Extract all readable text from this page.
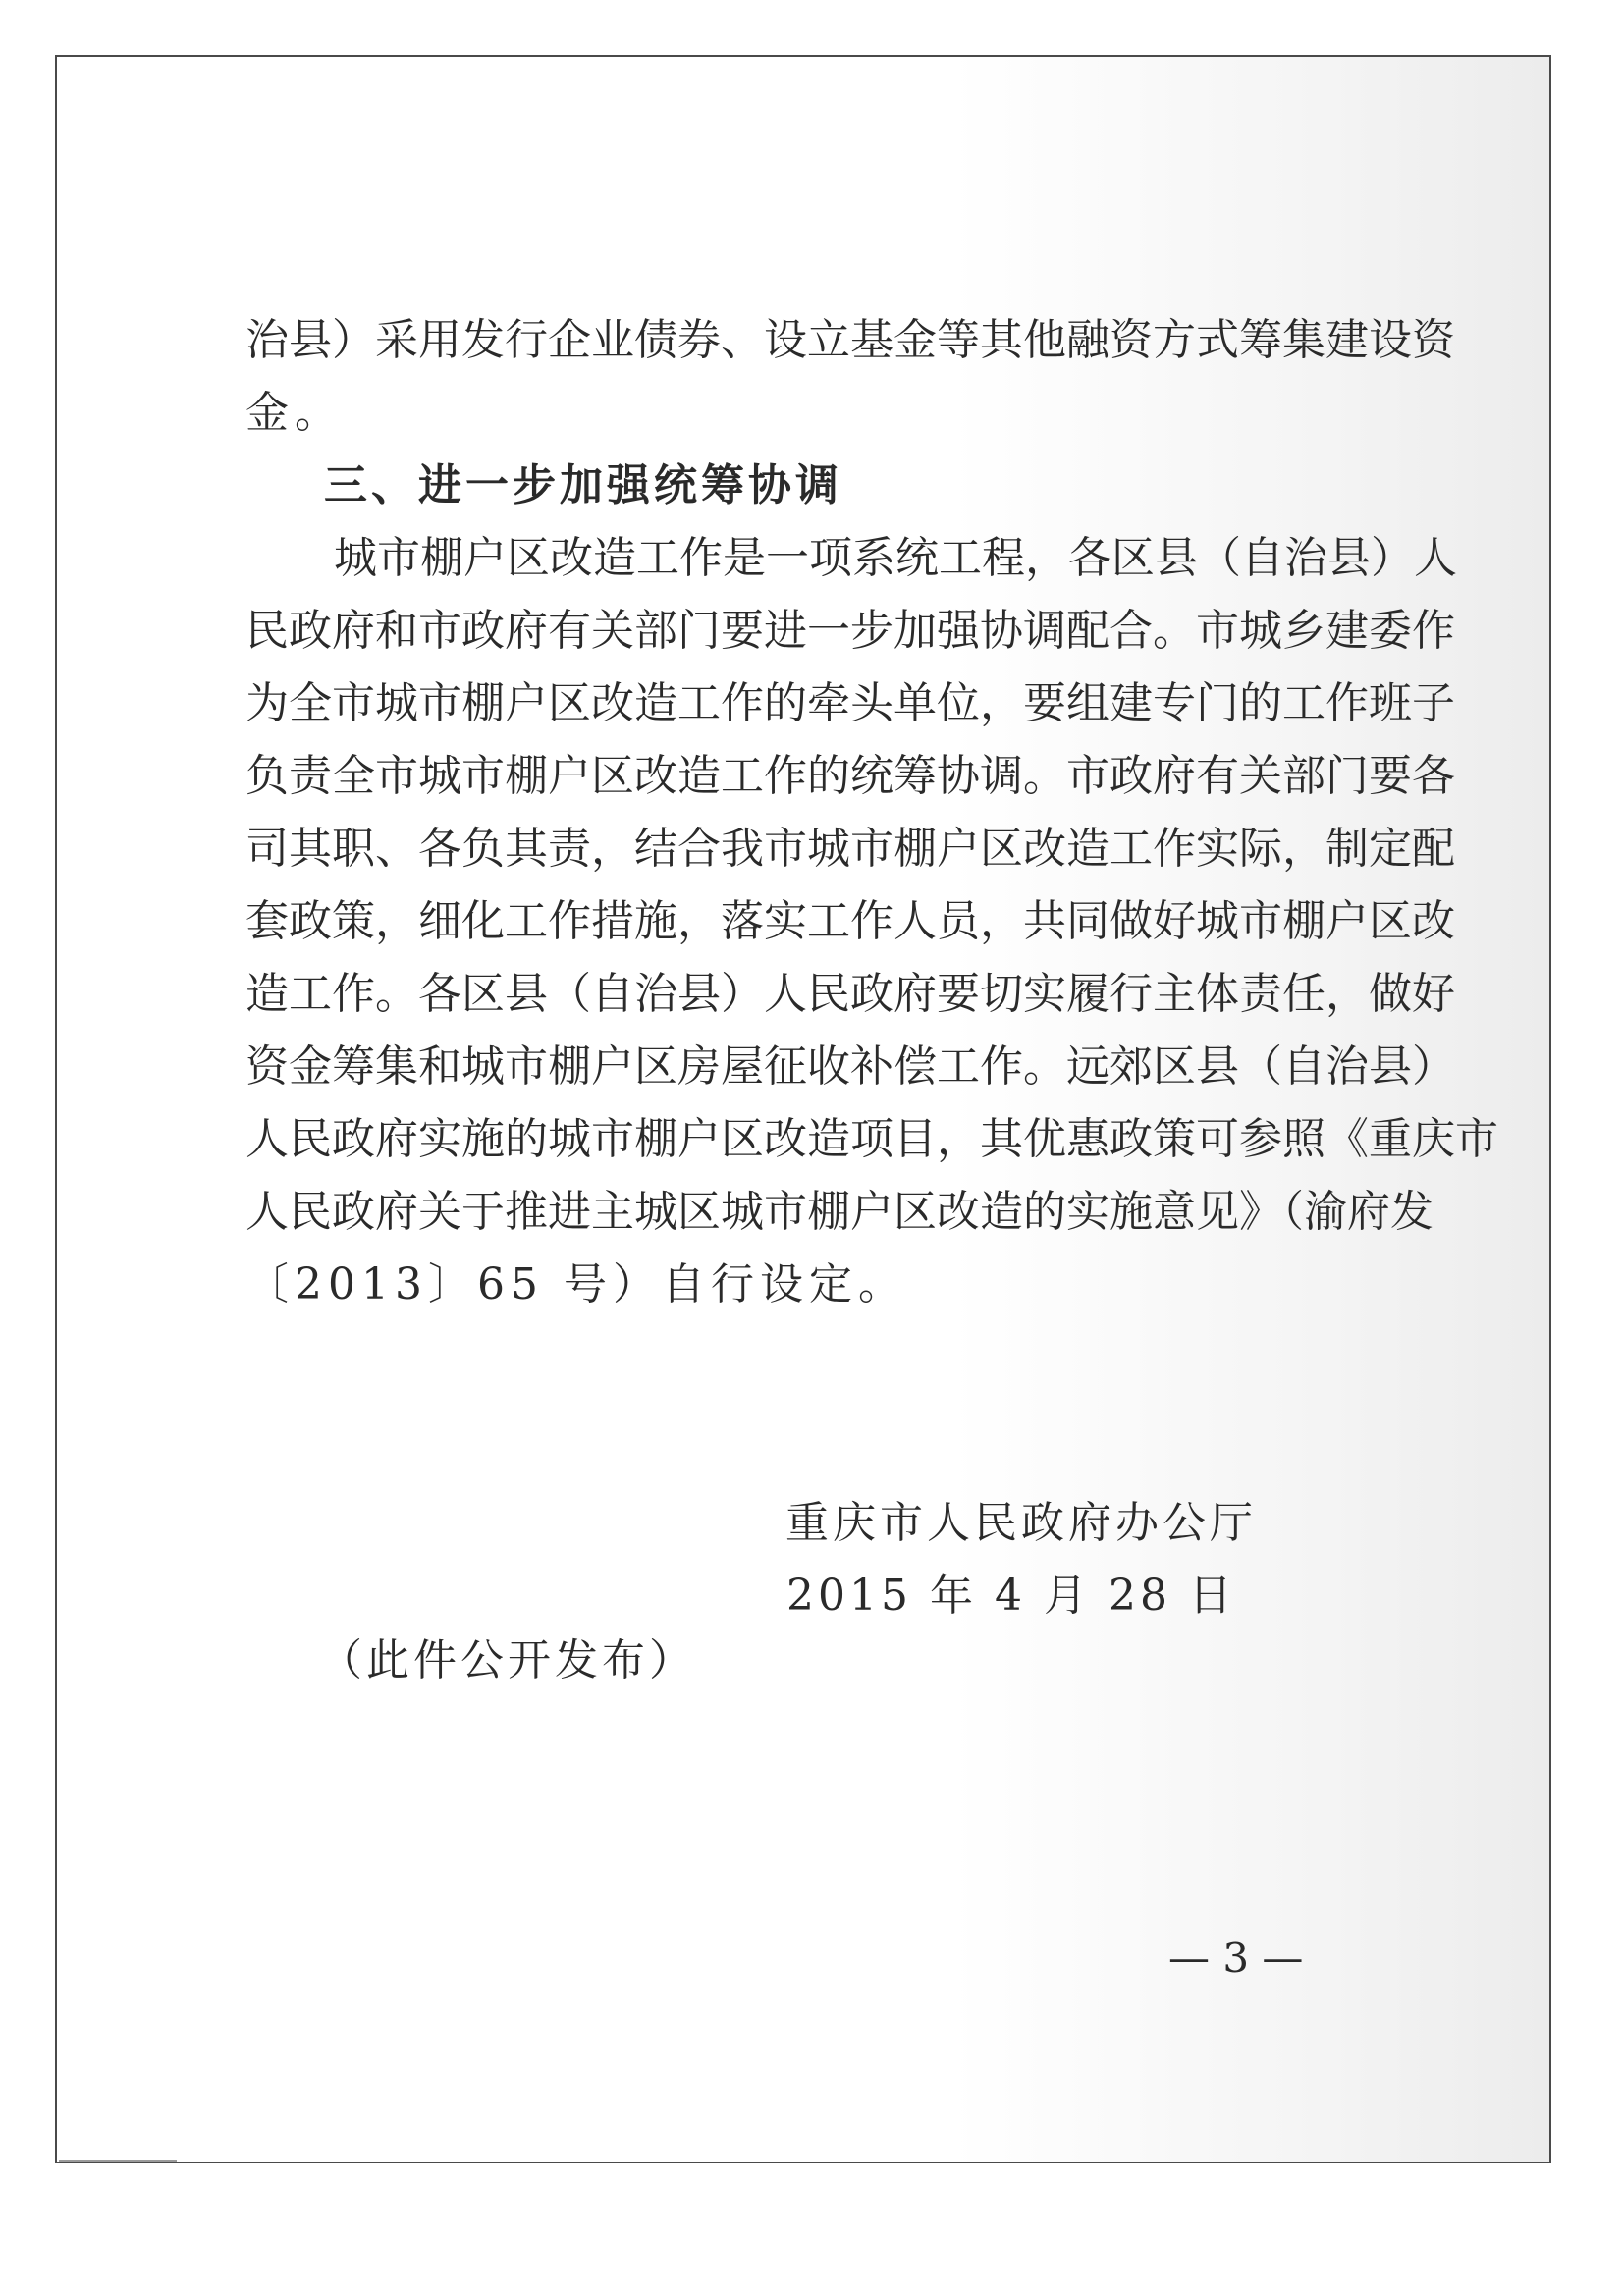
治县）采用发行企业债券、设立基金等其他融资方式筹集建设资
金。
三、进一步加强统筹协调
城市棚户区改造工作是一项系统工程，各区县（自治县）人
民政府和市政府有关部门要进一步加强协调配合。市城乡建委作
为全市城市棚户区改造工作的牵头单位，要组建专门的工作班子
负责全市城市棚户区改造工作的统筹协调。市政府有关部门要各
司其职、各负其责，结合我市城市棚户区改造工作实际，制定配
套政策，细化工作措施，落实工作人员，共同做好城市棚户区改
造工作。各区县（自治县）人民政府要切实履行主体责任，做好
资金筹集和城市棚户区房屋征收补偿工作。远郊区县（自治县）
人民政府实施的城市棚户区改造项目，其优惠政策可参照《重庆市
人民政府关于推进主城区城市棚户区改造的实施意见》（渝府发
〔2013〕65 号）自行设定。
重庆市人民政府办公厅
2015 年 4 月 28 日
（此件公开发布）
— 3 —
